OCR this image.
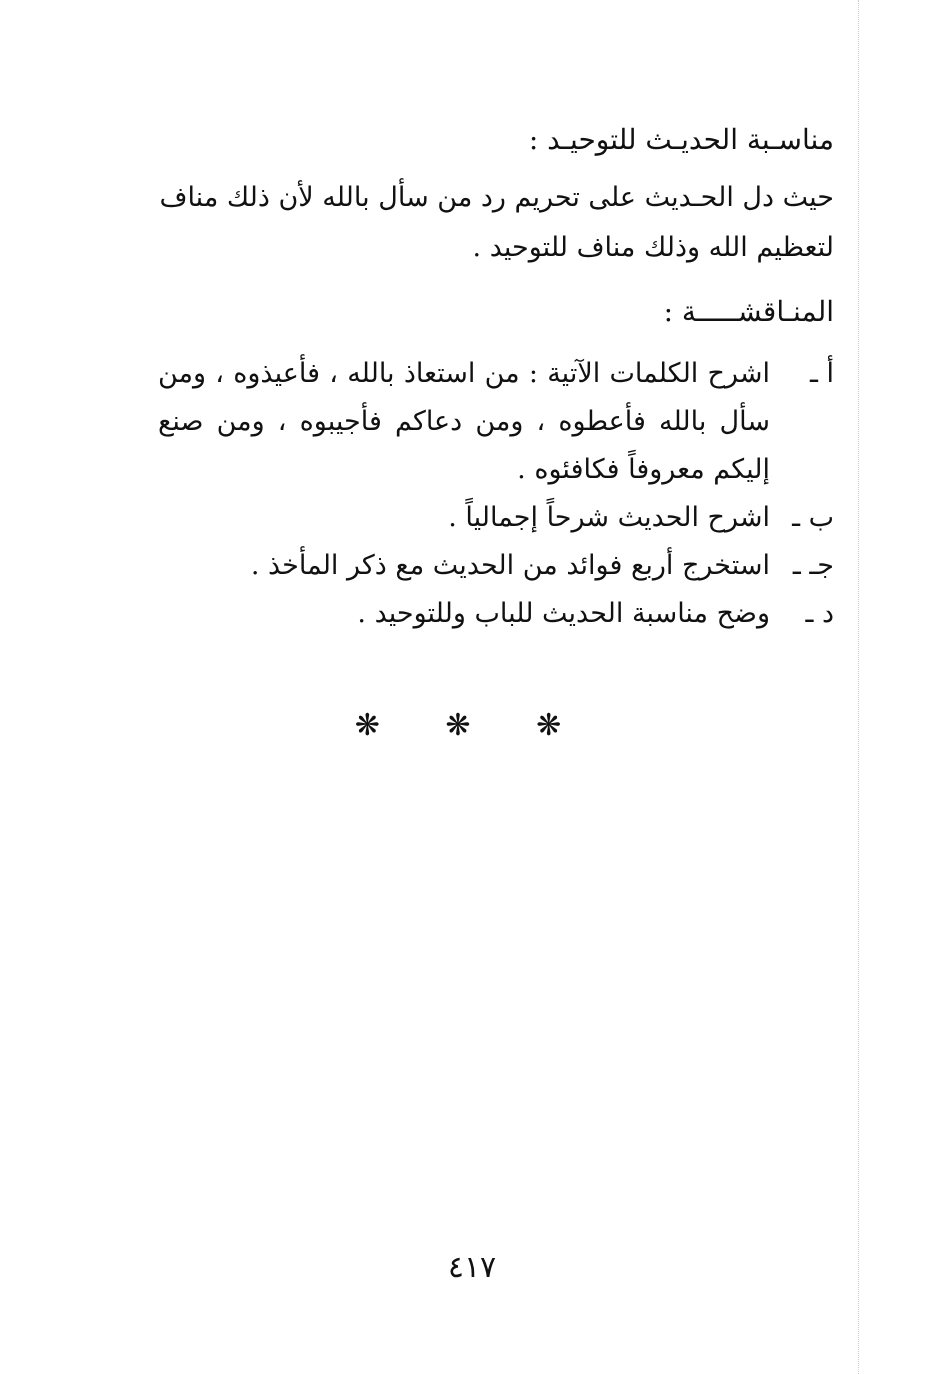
مناسـبة الحديـث للتوحيـد :
حيث دل الحـديث على تحريم رد من سأل بالله لأن ذلك مناف
لتعظيم الله وذلك مناف للتوحيد .
المنـاقشـــــة :
أ ـ
اشرح الكلمات الآتية : من استعاذ بالله ، فأعيذوه ، ومن سأل بالله فأعطوه ، ومن دعاكم فأجيبوه ، ومن صنع إليكم معروفاً فكافئوه .
ب ـ
اشرح الحديث شرحاً إجمالياً .
جـ ـ
استخرج أربع فوائد من الحديث مع ذكر المأخذ .
د ـ
وضح مناسبة الحديث للباب وللتوحيد .
❋ ❋ ❋
٤١٧
